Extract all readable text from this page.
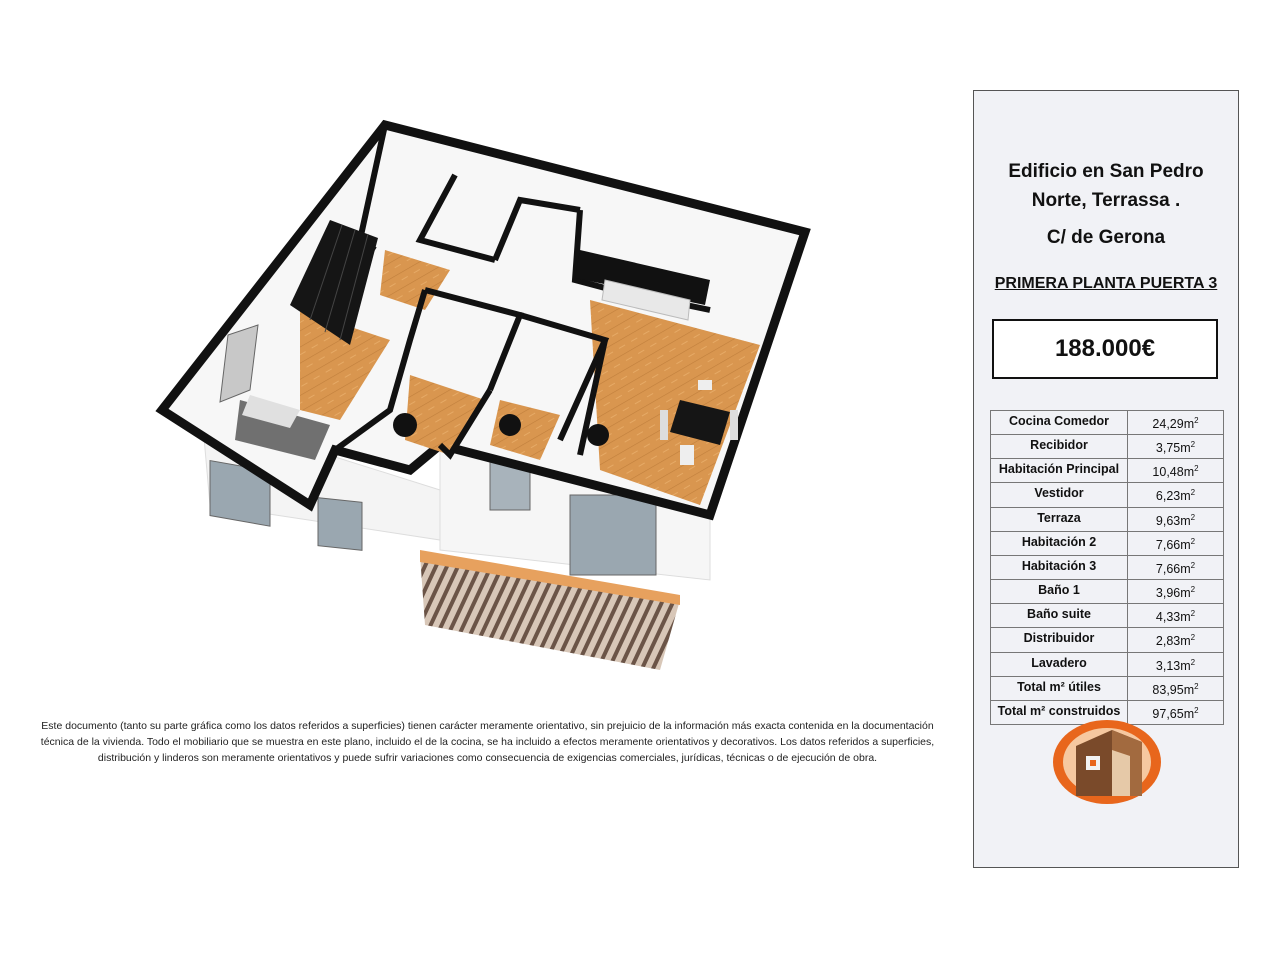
Este documento (tanto su parte gráfica como los datos referidos a superficies) tienen carácter meramente orientativo, sin prejuicio de la información más exacta contenida en la documentación técnica de la vivienda. Todo el mobiliario que se muestra en este plano, incluido el de la cocina, se ha incluido a efectos meramente orientativos y decorativos. Los datos referidos a superficies, distribución y linderos son meramente orientativos y puede sufrir variaciones como consecuencia de exigencias comerciales, jurídicas, técnicas o de ejecución de obra.
Edificio en San Pedro
Norte, Terrassa .
C/ de Gerona
PRIMERA PLANTA PUERTA 3
188.000€
Cocina Comedor	$24,29m^2$
Recibidor	$3,75m^2$
Habitación Principal	$10,48m^2$
Vestidor	$6,23m^2$
Terraza	$9,63m^2$
Habitación 2	$7,66m^2$
Habitación 3	$7,66m^2$
Baño 1	$3,96m^2$
Baño suite	$4,33m^2$
Distribuidor	$2,83m^2$
Lavadero	$3,13m^2$
Total m² útiles	$83,95m^2$
Total m² construidos	$97,65m^2$
